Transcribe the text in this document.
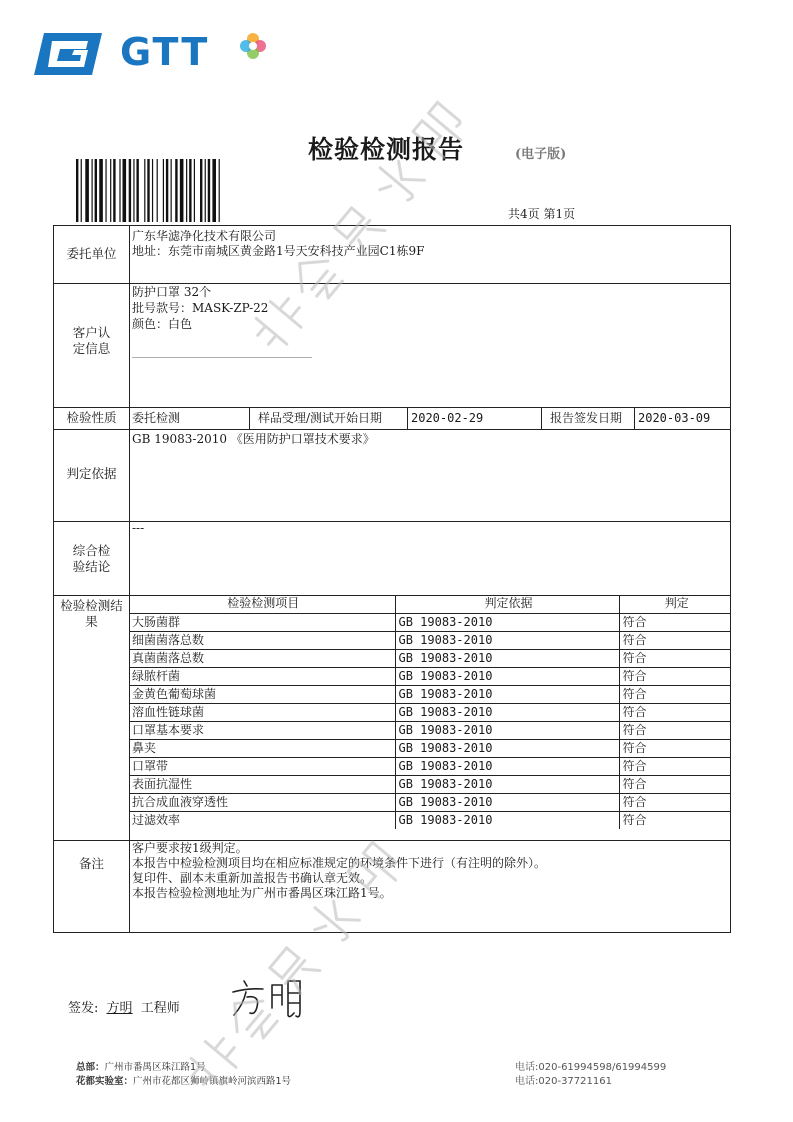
GTT
检验检测报告	(电子版)
共4页 第1页
委托单位
广东华滤净化技术有限公司
地址：东莞市南城区黄金路1号天安科技产业园C1栋9F
客户认定信息
防护口罩 32个
批号款号：MASK-ZP-22
颜色：白色
______________________________
检验性质	委托检测	样品受理/测试开始日期 2020-02-29	报告签发日期 2020-03-09
判定依据
GB 19083-2010 《医用防护口罩技术要求》
综合检验结论
---
检验检测结果
检验检测项目	判定依据	判定
大肠菌群	GB 19083-2010	符合
细菌菌落总数	GB 19083-2010	符合
真菌菌落总数	GB 19083-2010	符合
绿脓杆菌	GB 19083-2010	符合
金黄色葡萄球菌	GB 19083-2010	符合
溶血性链球菌	GB 19083-2010	符合
口罩基本要求	GB 19083-2010	符合
鼻夹	GB 19083-2010	符合
口罩带	GB 19083-2010	符合
表面抗湿性	GB 19083-2010	符合
抗合成血液穿透性	GB 19083-2010	符合
过滤效率	GB 19083-2010	符合
备注
客户要求按1级判定。
本报告中检验检测项目均在相应标准规定的环境条件下进行（有注明的除外）。
复印件、副本未重新加盖报告书确认章无效。
本报告检验检测地址为广州市番禺区珠江路1号。
签发: 方明 工程师
总部：广州市番禺区珠江路1号
花都实验室：广州市花都区狮岭镇旗岭河滨西路1号
电话:020-61994598/61994599
电话:020-37721161
